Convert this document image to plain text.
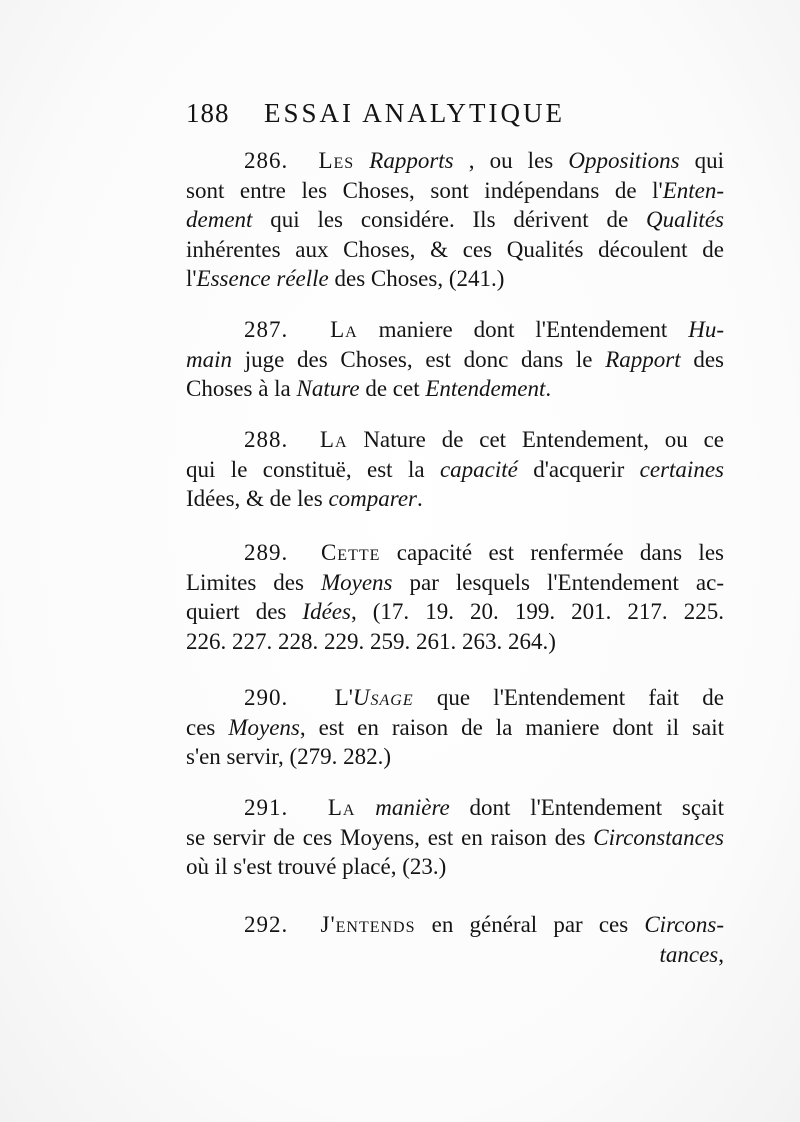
188 ESSAI ANALYTIQUE
286. Les Rapports , ou les Oppositions qui
sont entre les Choses, sont indépendans de l'Enten-
dement qui les considére. Ils dérivent de Qualités
inhérentes aux Choses, & ces Qualités découlent de
l'Essence réelle des Choses, (241.)
287. La maniere dont l'Entendement Hu-
main juge des Choses, est donc dans le Rapport des
Choses à la Nature de cet Entendement.
288. La Nature de cet Entendement, ou ce
qui le constituë, est la capacité d'acquerir certaines
Idées, & de les comparer.
289. Cette capacité est renfermée dans les
Limites des Moyens par lesquels l'Entendement ac-
quiert des Idées, (17. 19. 20. 199. 201. 217. 225.
226. 227. 228. 229. 259. 261. 263. 264.)
290. L'Usage que l'Entendement fait de
ces Moyens, est en raison de la maniere dont il sait
s'en servir, (279. 282.)
291. La manière dont l'Entendement sçait
se servir de ces Moyens, est en raison des Circonstances
où il s'est trouvé placé, (23.)
292. J'entends en général par ces Circons-
tances,
